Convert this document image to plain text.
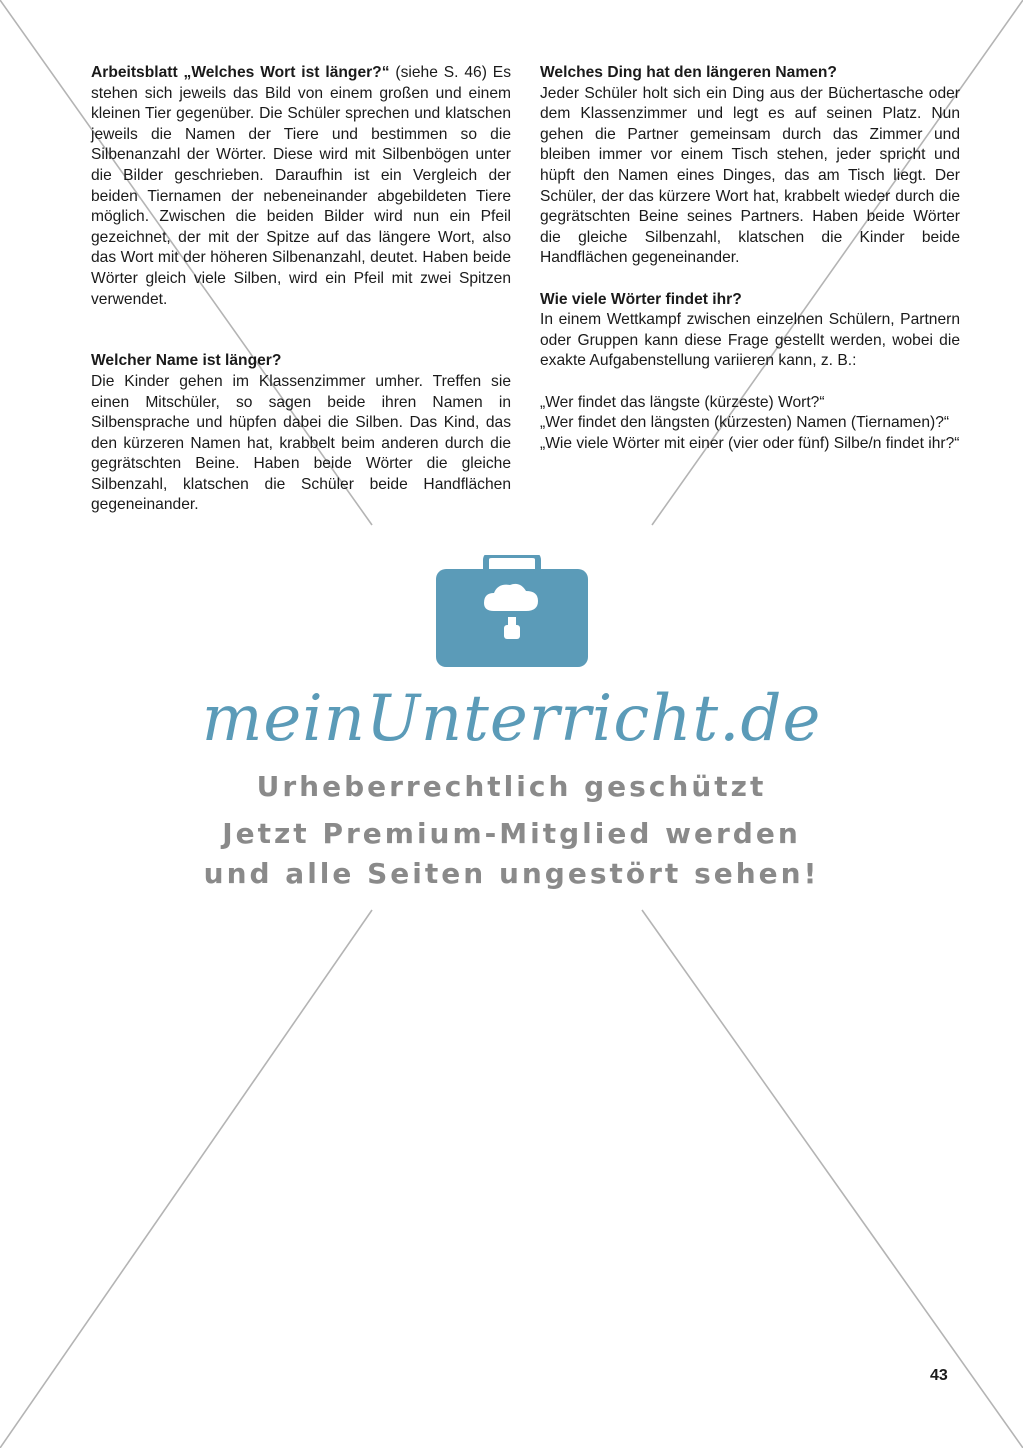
Arbeitsblatt „Welches Wort ist länger?“ (siehe S. 46) Es stehen sich jeweils das Bild von einem großen und einem kleinen Tier gegenüber. Die Schüler sprechen und klatschen jeweils die Namen der Tiere und bestimmen so die Silbenanzahl der Wörter. Diese wird mit Silbenbögen unter die Bilder geschrieben. Daraufhin ist ein Vergleich der beiden Tiernamen der nebeneinander abgebildeten Tiere möglich. Zwischen die beiden Bilder wird nun ein Pfeil gezeichnet, der mit der Spitze auf das längere Wort, also das Wort mit der höheren Silbenanzahl, deutet. Haben beide Wörter gleich viele Silben, wird ein Pfeil mit zwei Spitzen verwendet.

Welcher Name ist länger?

Die Kinder gehen im Klassenzimmer umher. Treffen sie einen Mitschüler, so sagen beide ihren Namen in Silbensprache und hüpfen dabei die Silben. Das Kind, das den kürzeren Namen hat, krabbelt beim anderen durch die gegrätschten Beine. Haben beide Wörter die gleiche Silbenzahl, klatschen die Schüler beide Handflächen gegeneinander.

Welches Ding hat den längeren Namen?

Jeder Schüler holt sich ein Ding aus der Büchertasche oder dem Klassenzimmer und legt es auf seinen Platz. Nun gehen die Partner gemeinsam durch das Zimmer und bleiben immer vor einem Tisch stehen, jeder spricht und hüpft den Namen eines Dinges, das am Tisch liegt. Der Schüler, der das kürzere Wort hat, krabbelt wieder durch die gegrätschten Beine seines Partners. Haben beide Wörter die gleiche Silbenzahl, klatschen die Kinder beide Handflächen gegeneinander.

Wie viele Wörter findet ihr?

In einem Wettkampf zwischen einzelnen Schülern, Partnern oder Gruppen kann diese Frage gestellt werden, wobei die exakte Aufgabenstellung variieren kann, z. B.:

„Wer findet das längste (kürzeste) Wort?“

„Wer findet den längsten (kürzesten) Namen (Tiernamen)?“

„Wie viele Wörter mit einer (vier oder fünf) Silbe/n findet ihr?“

meinUnterricht.de
Urheberrechtlich geschützt
Jetzt Premium-Mitglied werden
und alle Seiten ungestört sehen!
43
